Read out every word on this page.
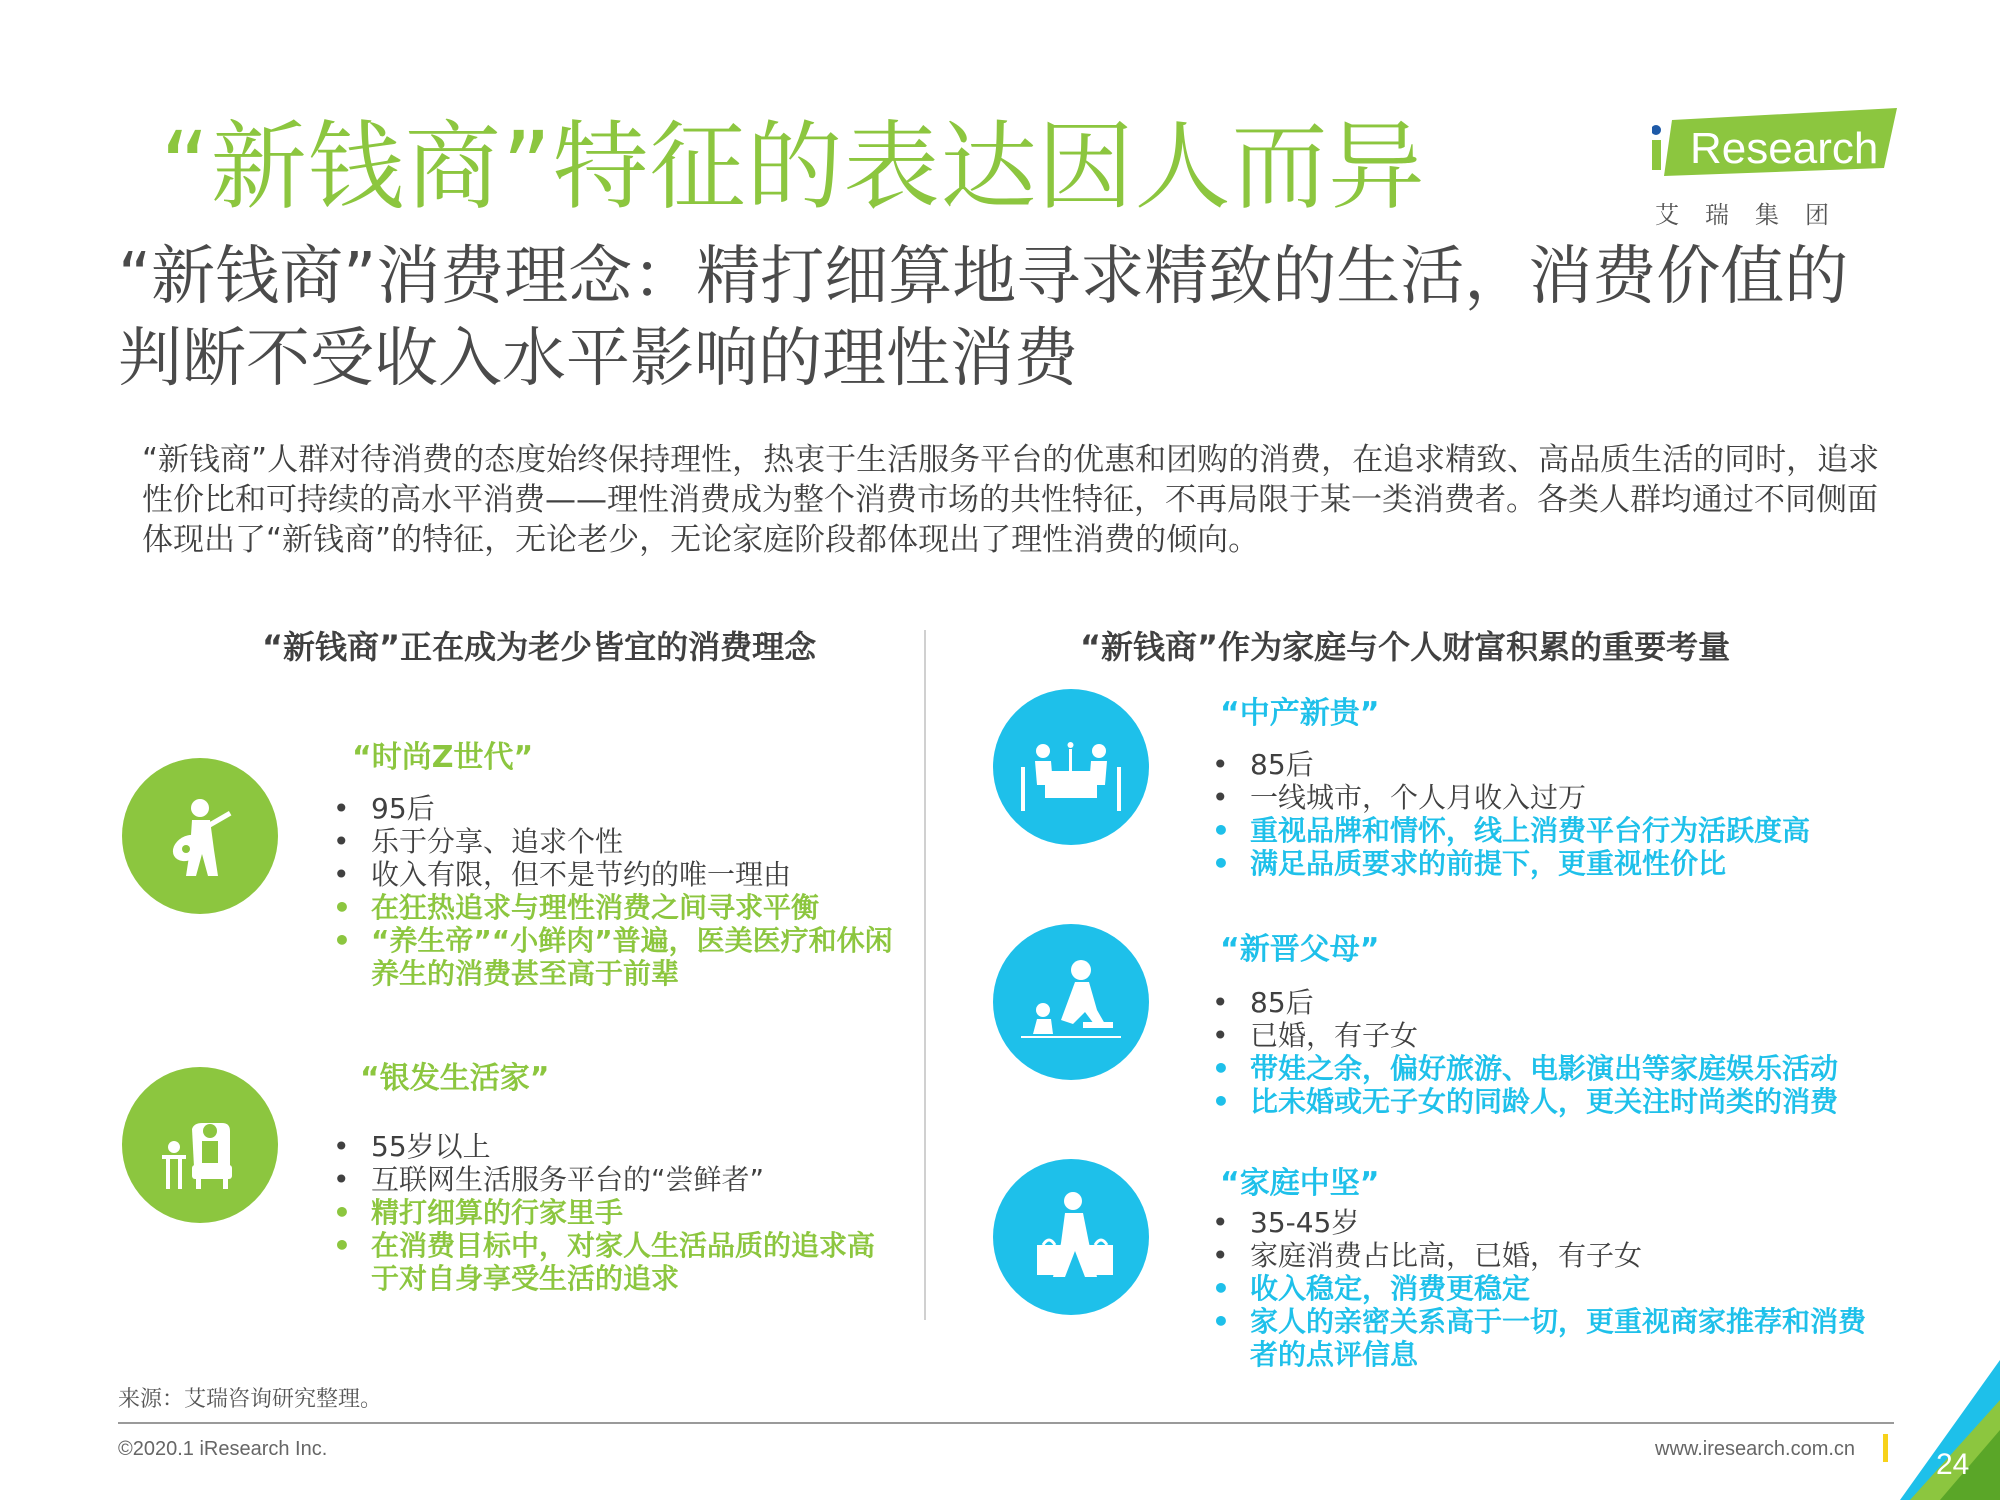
“新钱商”特征的表达因人而异	Research
艾瑞集团
“新钱商”消费理念：精打细算地寻求精致的生活，消费价值的判断不受收入水平影响的理性消费
“新钱商”人群对待消费的态度始终保持理性，热衷于生活服务平台的优惠和团购的消费，在追求精致、高品质生活的同时，追求性价比和可持续的高水平消费——理性消费成为整个消费市场的共性特征，不再局限于某一类消费者。各类人群均通过不同侧面体现出了“新钱商”的特征，无论老少，无论家庭阶段都体现出了理性消费的倾向。
“新钱商”正在成为老少皆宜的消费理念	“新钱商”作为家庭与个人财富积累的重要考量
“时尚Z世代”
• 95后
• 乐于分享、追求个性
• 收入有限，但不是节约的唯一理由
• 在狂热追求与理性消费之间寻求平衡
• “养生帝”“小鲜肉”普遍，医美医疗和休闲养生的消费甚至高于前辈
“银发生活家”
• 55岁以上
• 互联网生活服务平台的“尝鲜者”
• 精打细算的行家里手
• 在消费目标中，对家人生活品质的追求高于对自身享受生活的追求
“中产新贵”
• 85后
• 一线城市，个人月收入过万
• 重视品牌和情怀，线上消费平台行为活跃度高
• 满足品质要求的前提下，更重视性价比
“新晋父母”
• 85后
• 已婚，有子女
• 带娃之余，偏好旅游、电影演出等家庭娱乐活动
• 比未婚或无子女的同龄人，更关注时尚类的消费
“家庭中坚”
• 35-45岁
• 家庭消费占比高，已婚，有子女
• 收入稳定，消费更稳定
• 家人的亲密关系高于一切，更重视商家推荐和消费者的点评信息
来源：艾瑞咨询研究整理。
©2020.1 iResearch Inc.	www.iresearch.com.cn	24
